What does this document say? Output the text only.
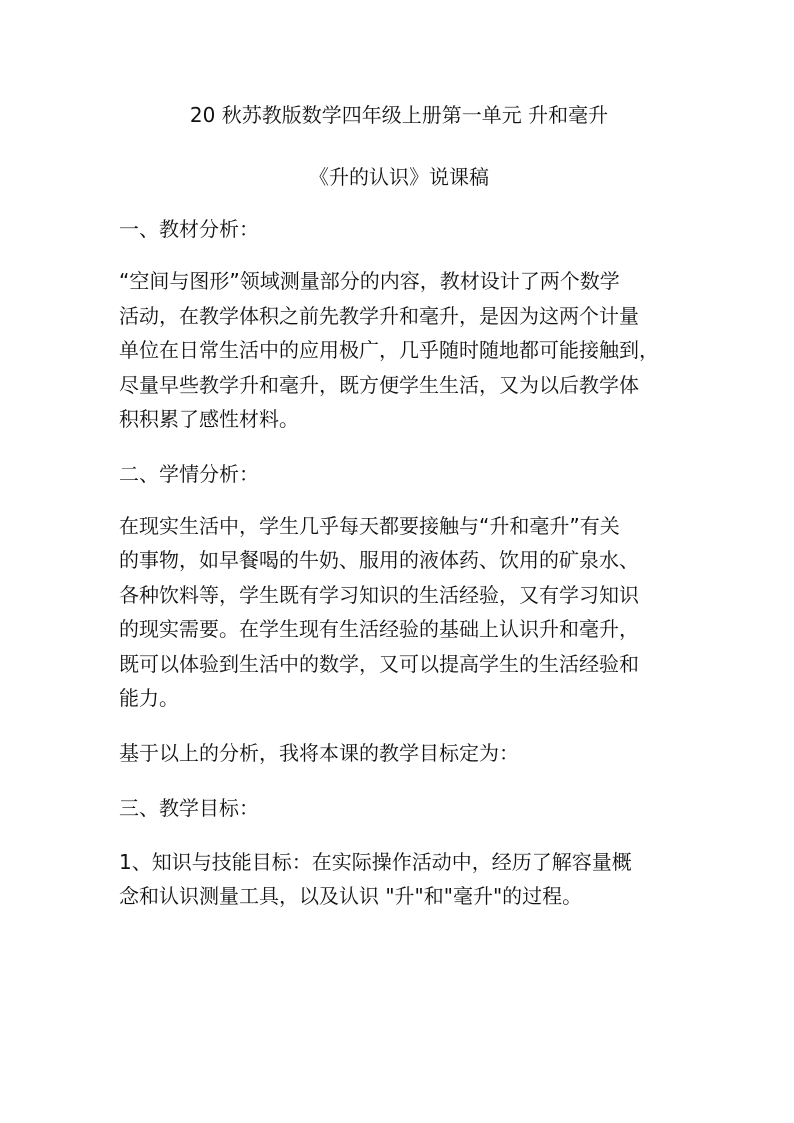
20 秋苏教版数学四年级上册第一单元 升和毫升

《升的认识》说课稿

一、教材分析：

“空间与图形”领域测量部分的内容，教材设计了两个数学
活动，在教学体积之前先教学升和毫升，是因为这两个计量
单位在日常生活中的应用极广，几乎随时随地都可能接触到，
尽量早些教学升和毫升，既方便学生生活，又为以后教学体
积积累了感性材料。

二、学情分析：

在现实生活中，学生几乎每天都要接触与“升和毫升”有关
的事物，如早餐喝的牛奶、服用的液体药、饮用的矿泉水、
各种饮料等，学生既有学习知识的生活经验，又有学习知识
的现实需要。在学生现有生活经验的基础上认识升和毫升，
既可以体验到生活中的数学，又可以提高学生的生活经验和
能力。

基于以上的分析，我将本课的教学目标定为：

三、教学目标：

1、知识与技能目标：在实际操作活动中，经历了解容量概
念和认识测量工具，以及认识 "升"和"毫升"的过程。
